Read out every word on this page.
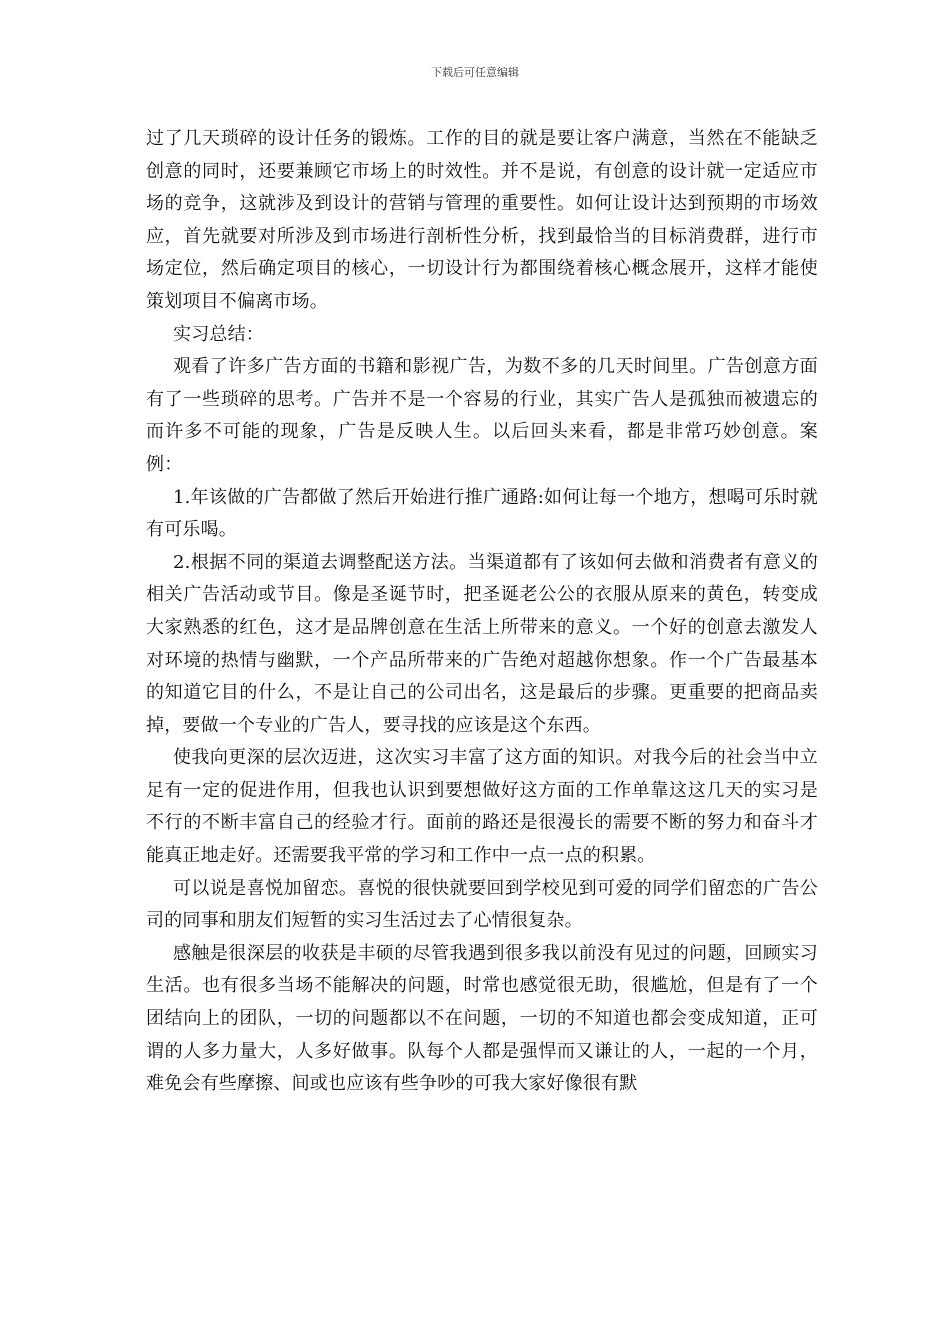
下载后可任意编辑

过了几天琐碎的设计任务的锻炼。工作的目的就是要让客户满意，当然在不能缺乏创意的同时，还要兼顾它市场上的时效性。并不是说，有创意的设计就一定适应市场的竞争，这就涉及到设计的营销与管理的重要性。如何让设计达到预期的市场效应，首先就要对所涉及到市场进行剖析性分析，找到最恰当的目标消费群，进行市场定位，然后确定项目的核心，一切设计行为都围绕着核心概念展开，这样才能使策划项目不偏离市场。

实习总结：

观看了许多广告方面的书籍和影视广告，为数不多的几天时间里。广告创意方面有了一些琐碎的思考。广告并不是一个容易的行业，其实广告人是孤独而被遗忘的而许多不可能的现象，广告是反映人生。以后回头来看，都是非常巧妙创意。案例：

1.年该做的广告都做了然后开始进行推广通路:如何让每一个地方，想喝可乐时就有可乐喝。

2.根据不同的渠道去调整配送方法。当渠道都有了该如何去做和消费者有意义的相关广告活动或节目。像是圣诞节时，把圣诞老公公的衣服从原来的黄色，转变成大家熟悉的红色，这才是品牌创意在生活上所带来的意义。一个好的创意去激发人对环境的热情与幽默，一个产品所带来的广告绝对超越你想象。作一个广告最基本的知道它目的什么，不是让自己的公司出名，这是最后的步骤。更重要的把商品卖掉，要做一个专业的广告人，要寻找的应该是这个东西。

使我向更深的层次迈进，这次实习丰富了这方面的知识。对我今后的社会当中立足有一定的促进作用，但我也认识到要想做好这方面的工作单靠这这几天的实习是不行的不断丰富自己的经验才行。面前的路还是很漫长的需要不断的努力和奋斗才能真正地走好。还需要我平常的学习和工作中一点一点的积累。

可以说是喜悦加留恋。喜悦的很快就要回到学校见到可爱的同学们留恋的广告公司的同事和朋友们短暂的实习生活过去了心情很复杂。

感触是很深层的收获是丰硕的尽管我遇到很多我以前没有见过的问题，回顾实习生活。也有很多当场不能解决的问题，时常也感觉很无助，很尴尬，但是有了一个团结向上的团队，一切的问题都以不在问题，一切的不知道也都会变成知道，正可谓的人多力量大，人多好做事。队每个人都是强悍而又谦让的人，一起的一个月，难免会有些摩擦、间或也应该有些争吵的可我大家好像很有默
